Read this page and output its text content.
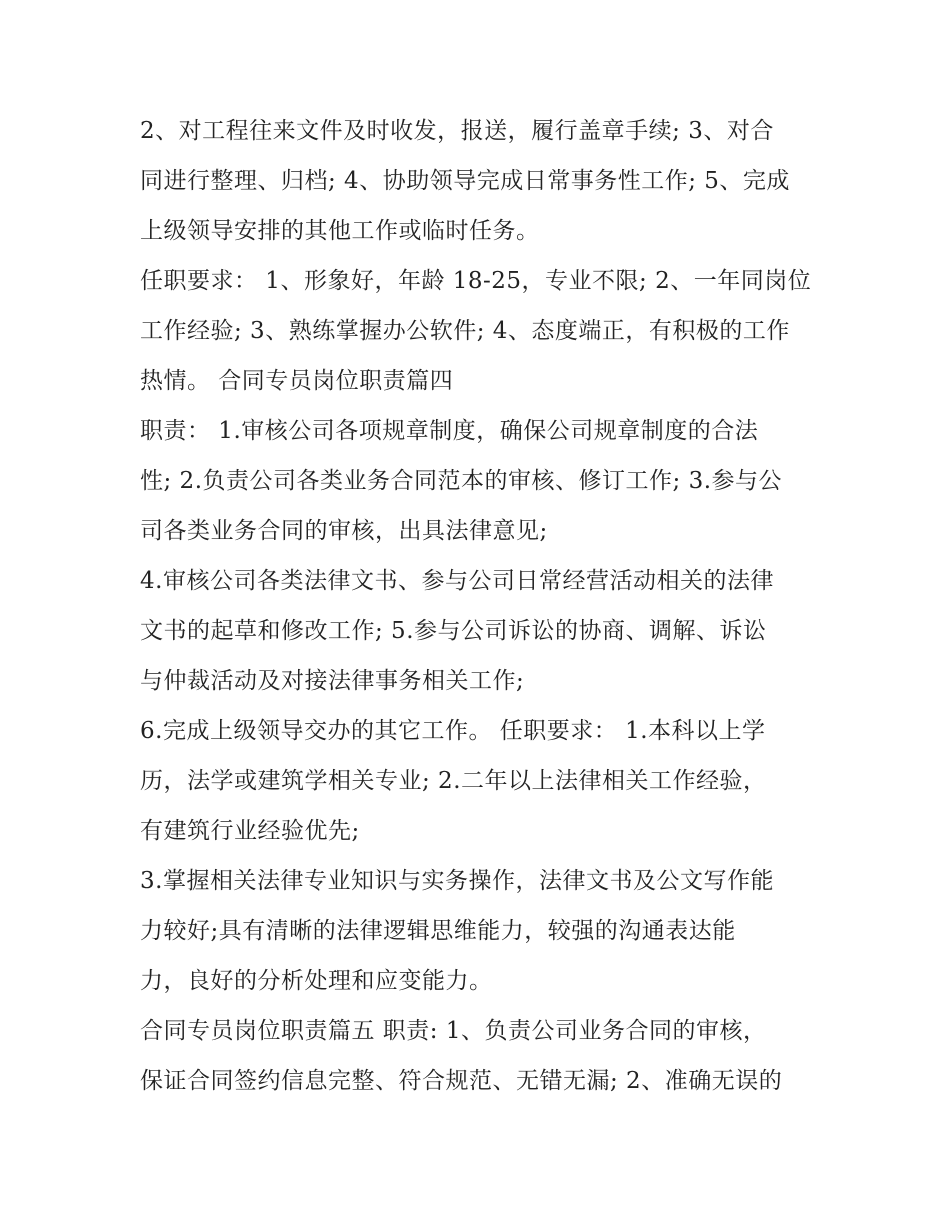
2、对工程往来文件及时收发，报送，履行盖章手续; 3、对合
同进行整理、归档; 4、协助领导完成日常事务性工作; 5、完成
上级领导安排的其他工作或临时任务。
任职要求： 1、形象好，年龄 18-25，专业不限; 2、一年同岗位
工作经验; 3、熟练掌握办公软件; 4、态度端正，有积极的工作
热情。 合同专员岗位职责篇四
职责： 1.审核公司各项规章制度，确保公司规章制度的合法
性; 2.负责公司各类业务合同范本的审核、修订工作; 3.参与公
司各类业务合同的审核，出具法律意见;
4.审核公司各类法律文书、参与公司日常经营活动相关的法律
文书的起草和修改工作; 5.参与公司诉讼的协商、调解、诉讼
与仲裁活动及对接法律事务相关工作;
6.完成上级领导交办的其它工作。 任职要求： 1.本科以上学
历，法学或建筑学相关专业; 2.二年以上法律相关工作经验，
有建筑行业经验优先;
3.掌握相关法律专业知识与实务操作，法律文书及公文写作能
力较好;具有清晰的法律逻辑思维能力，较强的沟通表达能
力，良好的分析处理和应变能力。
合同专员岗位职责篇五 职责: 1、负责公司业务合同的审核，
保证合同签约信息完整、符合规范、无错无漏; 2、准确无误的
